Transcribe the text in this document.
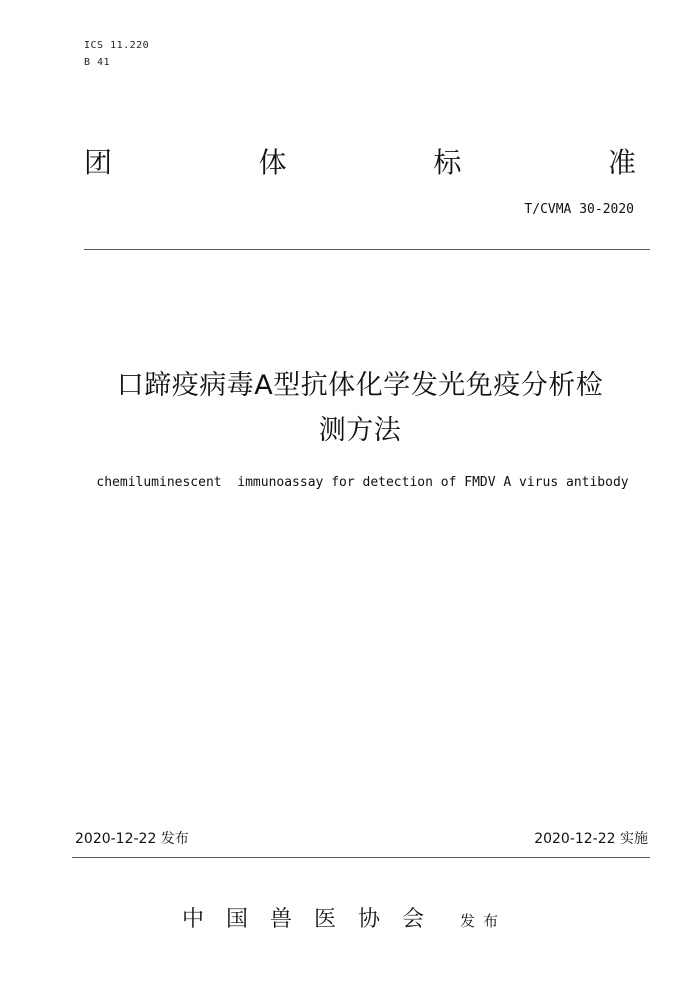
ICS 11.220
B 41
团	体	标	准
T/CVMA 30-2020
口蹄疫病毒A型抗体化学发光免疫分析检
测方法
chemiluminescent  immunoassay for detection of FMDV A virus antibody
2020-12-22 发布	2020-12-22 实施
中国兽医协会 发布
